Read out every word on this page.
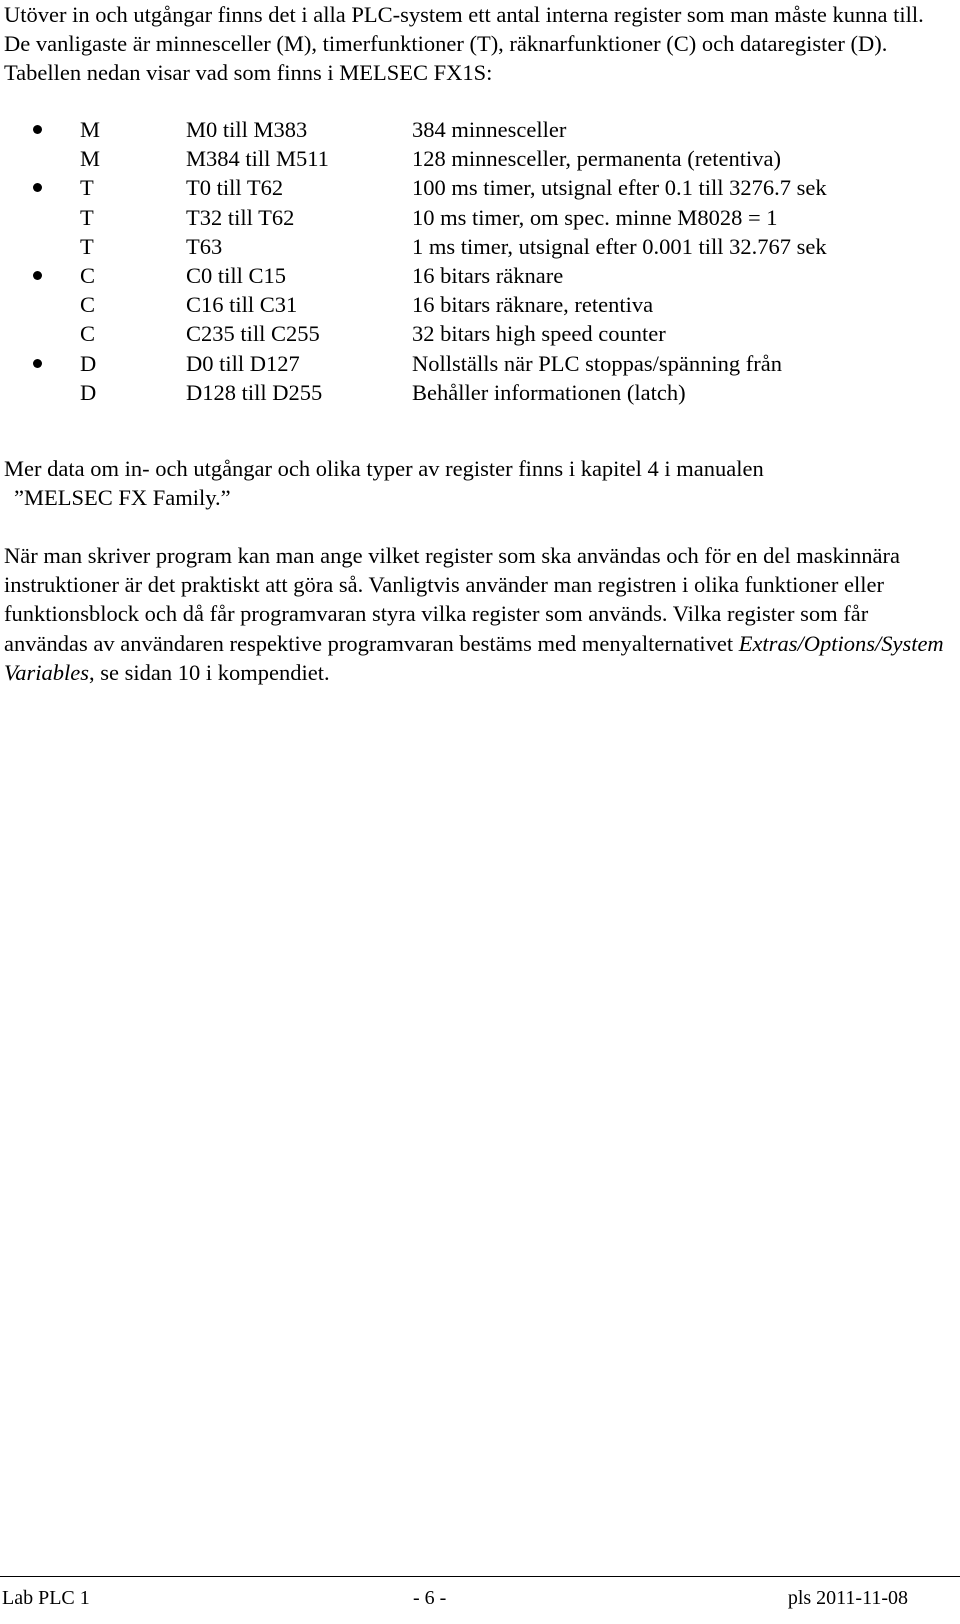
Utöver in och utgångar finns det i alla PLC-system ett antal interna register som man måste kunna till. De vanligaste är minnesceller (M), timerfunktioner (T), räknarfunktioner (C) och dataregister (D). Tabellen nedan visar vad som finns i MELSEC FX1S:

M	M0 till M383	384 minnesceller
M	M384 till M511	128 minnesceller, permanenta (retentiva)
T	T0 till T62	100 ms timer, utsignal efter 0.1 till 3276.7 sek
T	T32 till T62	10 ms timer, om spec. minne M8028 = 1
T	T63	1 ms timer, utsignal efter 0.001 till 32.767 sek
C	C0 till C15	16 bitars räknare
C	C16 till C31	16 bitars räknare, retentiva
C	C235 till C255	32 bitars high speed counter
D	D0 till D127	Nollställs när PLC stoppas/spänning från
D	D128 till D255	Behåller informationen (latch)

Mer data om in- och utgångar och olika typer av register finns i kapitel 4 i manualen
”MELSEC FX Family.”

När man skriver program kan man ange vilket register som ska användas och för en del maskinnära instruktioner är det praktiskt att göra så. Vanligtvis använder man registren i olika funktioner eller funktionsblock och då får programvaran styra vilka register som används. Vilka register som får användas av användaren respektive programvaran bestäms med menyalternativet Extras/Options/System Variables, se sidan 10 i kompendiet.

Lab PLC 1	- 6 -	pls 2011-11-08
